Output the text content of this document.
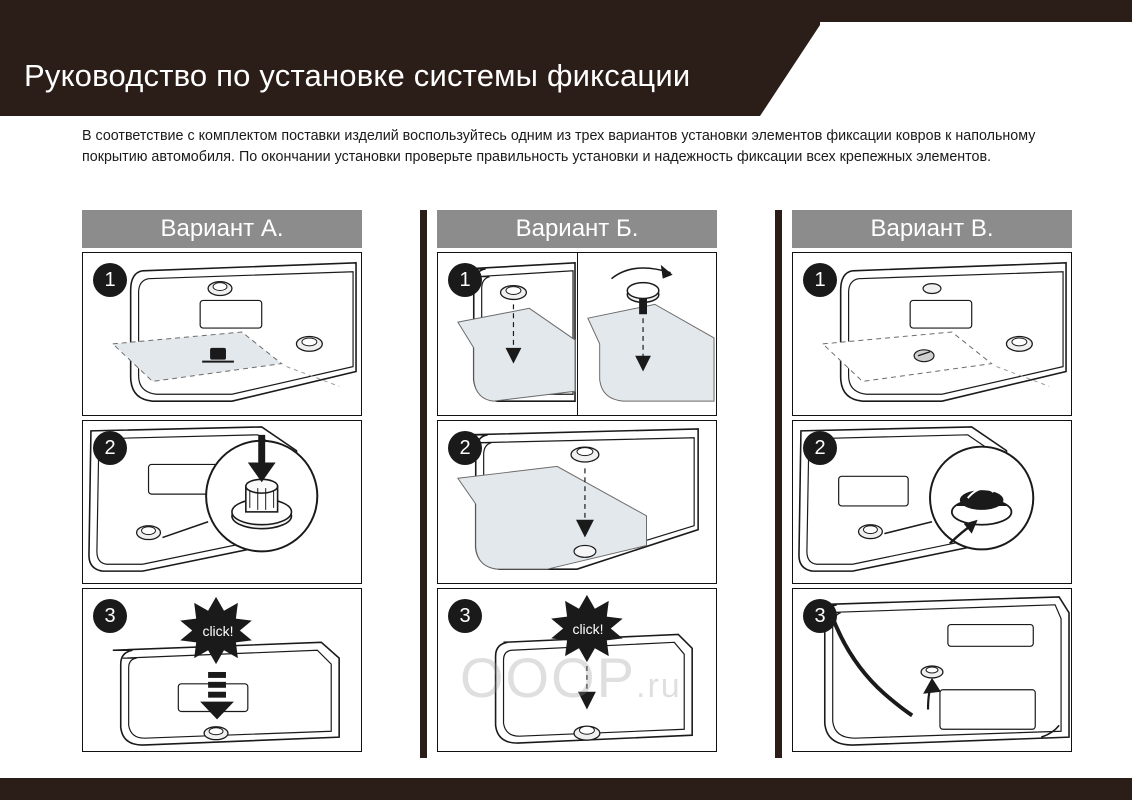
Руководство по установке системы фиксации
В соответствие с комплектом поставки изделий воспользуйтесь одним из трех вариантов установки элементов фиксации ковров к напольному покрытию автомобиля. По окончании установки проверьте правильность установки и надежность фиксации всех крепежных элементов.
Вариант А.
1
2
3
click!
Вариант Б.
1
2
3
click!
Вариант В.
1
2
3
OOOP.ru
